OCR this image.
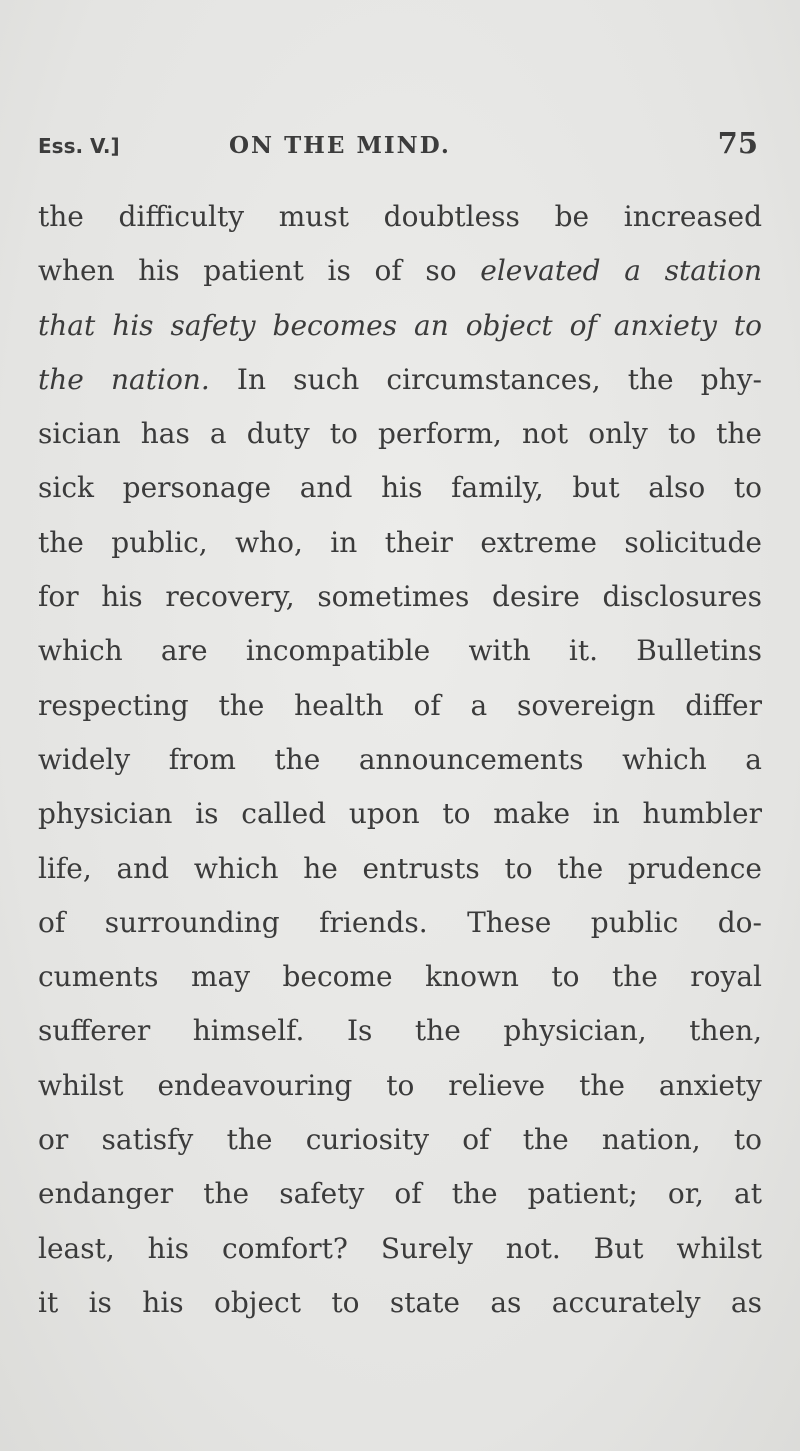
Ess. V.]	ON THE MIND.	75
the difficulty must doubtless be increased
when his patient is of so elevated a station
that his safety becomes an object of anxiety to
the nation. In such circumstances, the phy-
sician has a duty to perform, not only to the
sick personage and his family, but also to
the public, who, in their extreme solicitude
for his recovery, sometimes desire disclosures
which are incompatible with it. Bulletins
respecting the health of a sovereign differ
widely from the announcements which a
physician is called upon to make in humbler
life, and which he entrusts to the prudence
of surrounding friends. These public do-
cuments may become known to the royal
sufferer himself. Is the physician, then,
whilst endeavouring to relieve the anxiety
or satisfy the curiosity of the nation, to
endanger the safety of the patient; or, at
least, his comfort? Surely not. But whilst
it is his object to state as accurately as
